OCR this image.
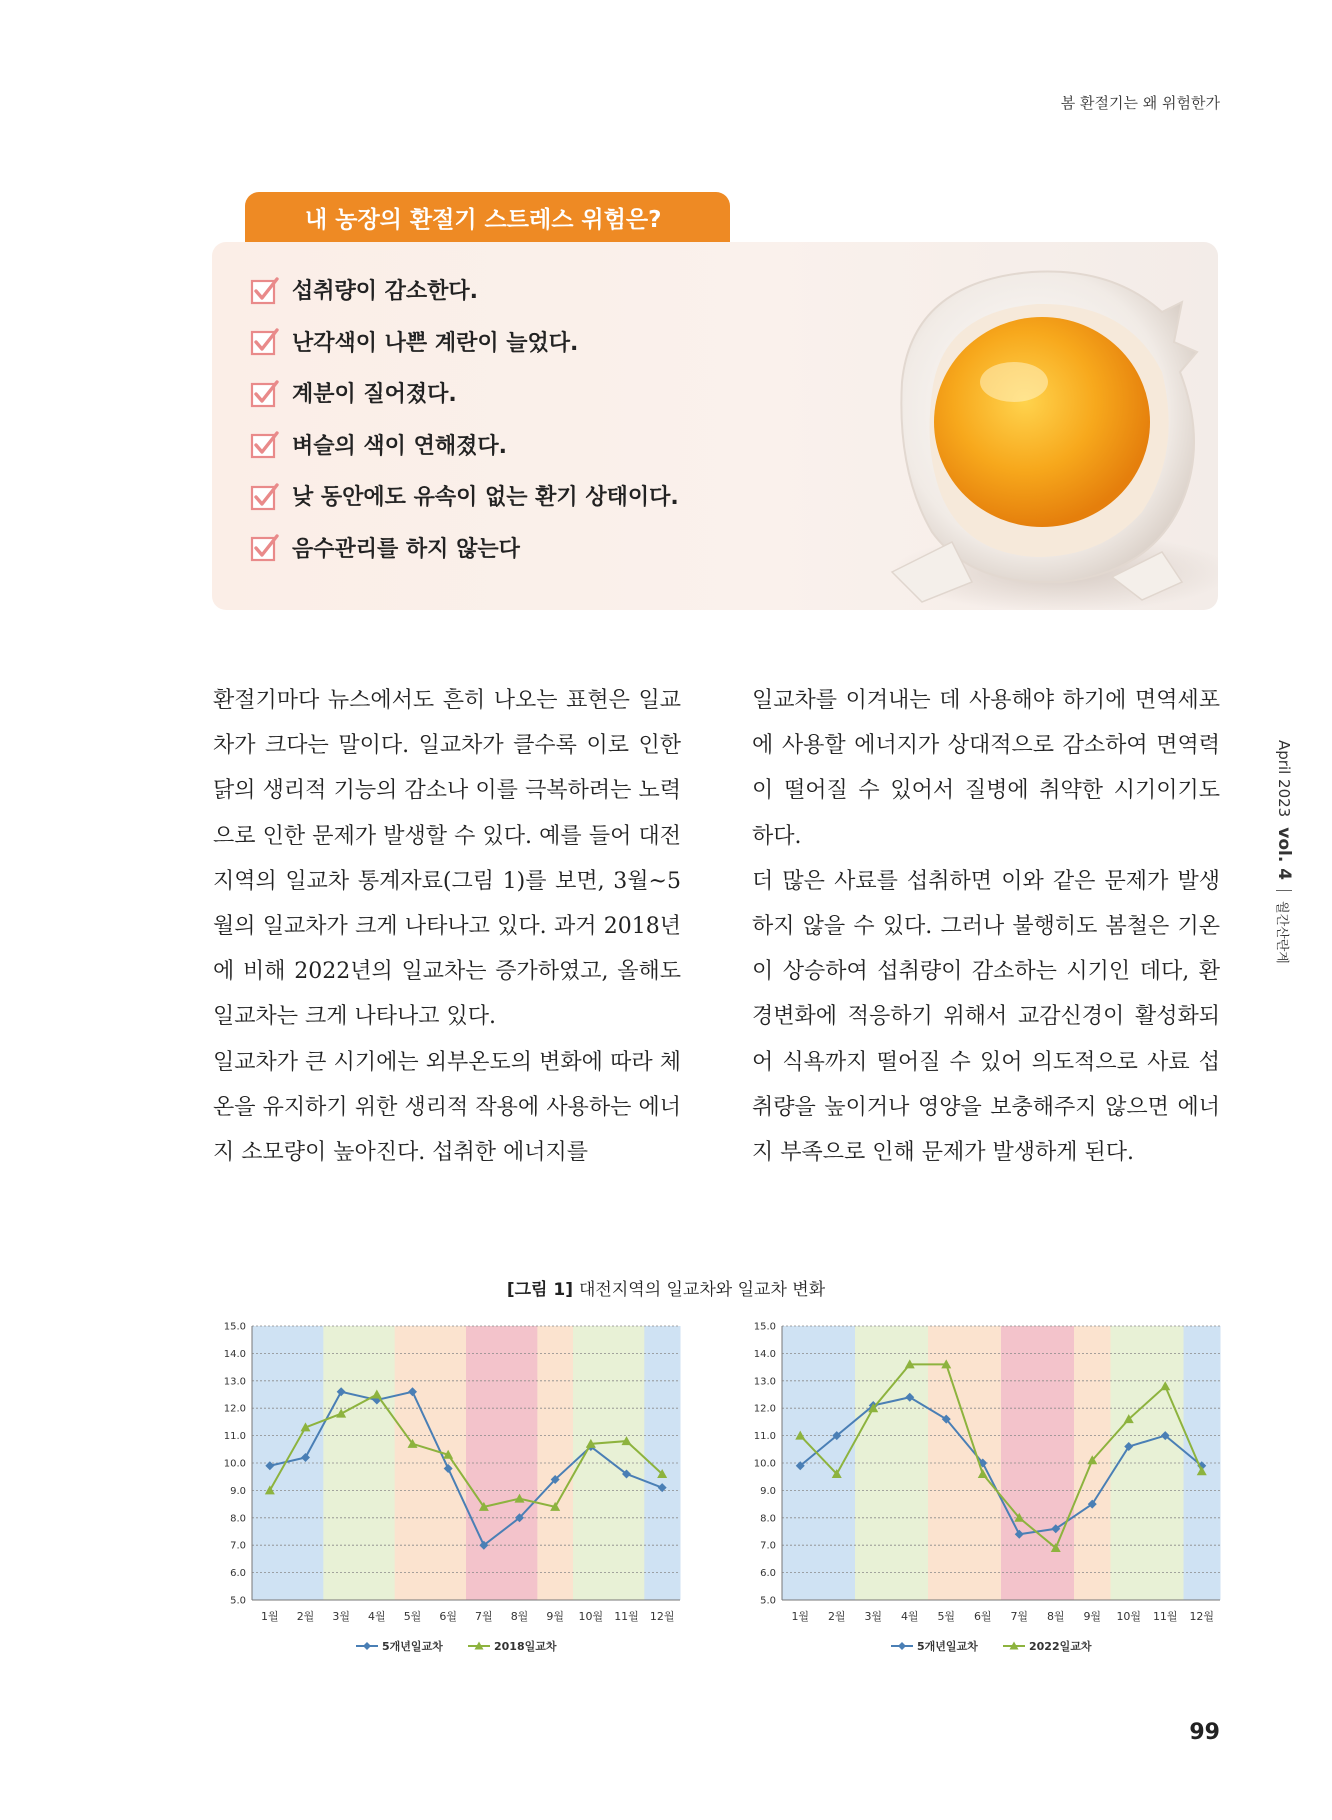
봄 환절기는 왜 위험한가
April 2023
vol. 4
월간산란계
내 농장의 환절기 스트레스 위험은?
섭취량이 감소한다.
난각색이 나쁜 계란이 늘었다.
계분이 질어졌다.
벼슬의 색이 연해졌다.
낮 동안에도 유속이 없는 환기 상태이다.
음수관리를 하지 않는다

환절기마다 뉴스에서도 흔히 나오는 표현은 일교차가 크다는 말이다. 일교차가 클수록 이로 인한 닭의 생리적 기능의 감소나 이를 극복하려는 노력으로 인한 문제가 발생할 수 있다. 예를 들어 대전지역의 일교차 통계자료(그림 1)를 보면, 3월~5월의 일교차가 크게 나타나고 있다. 과거 2018년에 비해 2022년의 일교차는 증가하였고, 올해도 일교차는 크게 나타나고 있다.

일교차가 큰 시기에는 외부온도의 변화에 따라 체온을 유지하기 위한 생리적 작용에 사용하는 에너지 소모량이 높아진다. 섭취한 에너지를

일교차를 이겨내는 데 사용해야 하기에 면역세포에 사용할 에너지가 상대적으로 감소하여 면역력이 떨어질 수 있어서 질병에 취약한 시기이기도 하다.

더 많은 사료를 섭취하면 이와 같은 문제가 발생하지 않을 수 있다. 그러나 불행히도 봄철은 기온이 상승하여 섭취량이 감소하는 시기인 데다, 환경변화에 적응하기 위해서 교감신경이 활성화되어 식욕까지 떨어질 수 있어 의도적으로 사료 섭취량을 높이거나 영양을 보충해주지 않으면 에너지 부족으로 인해 문제가 발생하게 된다.

[그림 1] 대전지역의 일교차와 일교차 변화
5.0
6.0
7.0
8.0
9.0
10.0
11.0
12.0
13.0
14.0
15.0
1월 2월 3월 4월 5월 6월 7월 8월 9월 10월 11월 12월
5개년일교차	2018일교차
5.0
6.0
7.0
8.0
9.0
10.0
11.0
12.0
13.0
14.0
15.0
1월 2월 3월 4월 5월 6월 7월 8월 9월 10월 11월 12월
5개년일교차	2022일교차
99
